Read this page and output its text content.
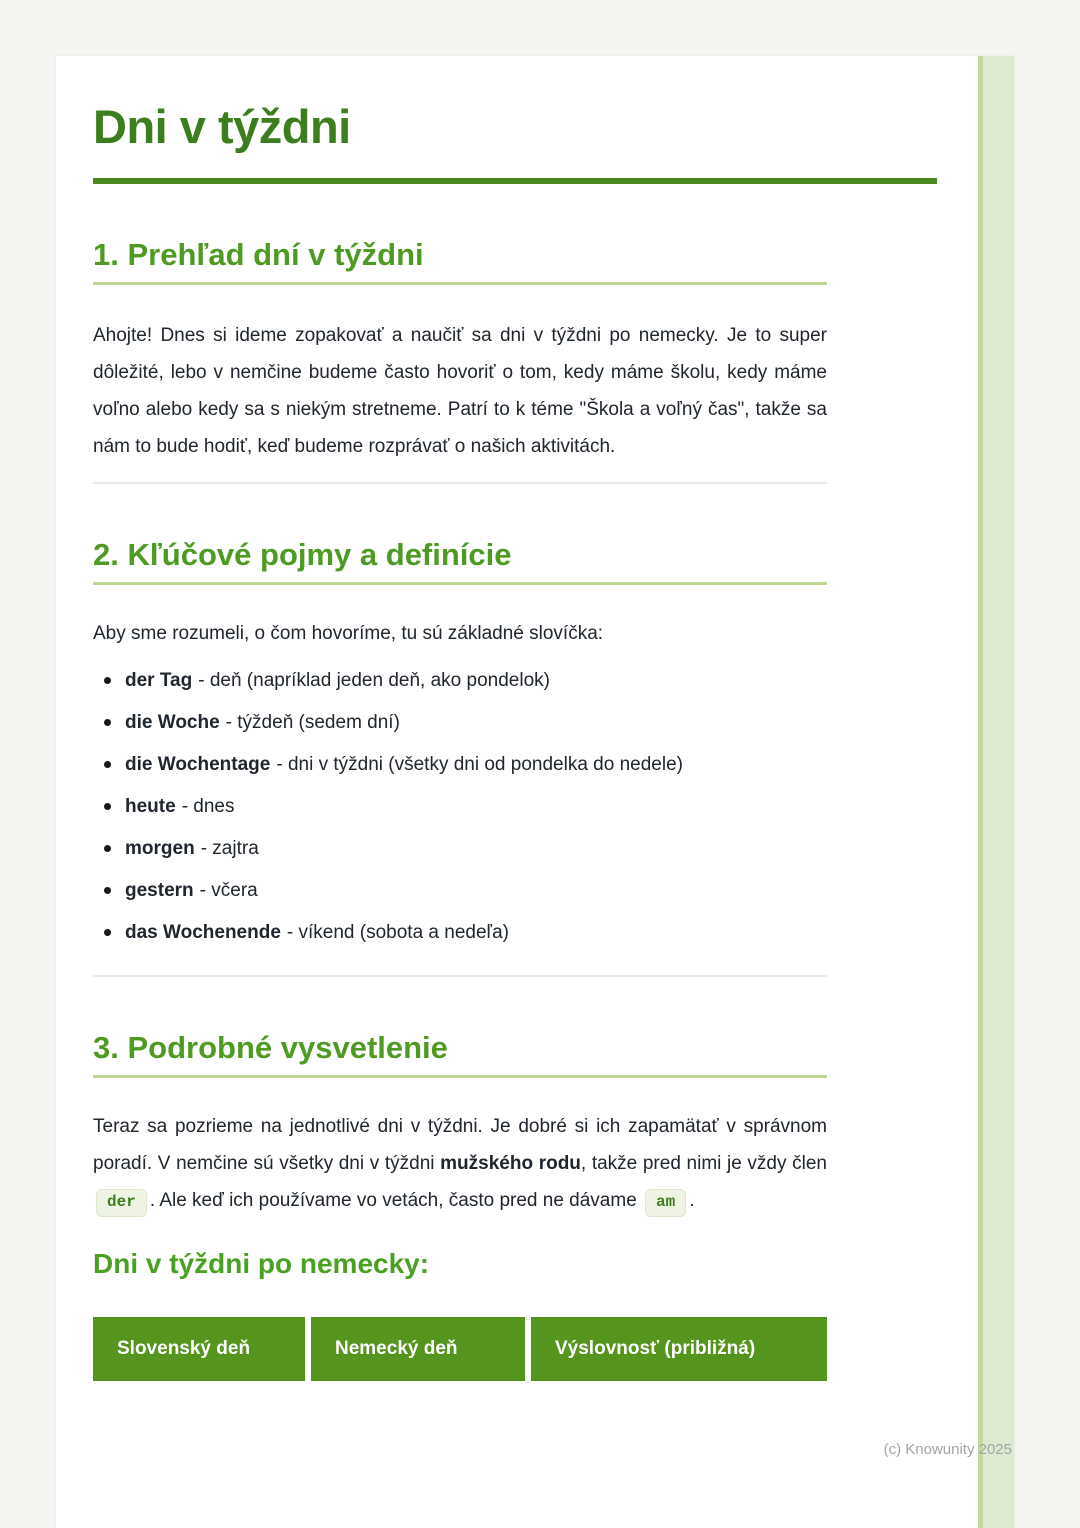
Dni v týždni
1. Prehľad dní v týždni

Ahojte! Dnes si ideme zopakovať a naučiť sa dni v týždni po nemecky. Je to super dôležité, lebo v nemčine budeme často hovoriť o tom, kedy máme školu, kedy máme voľno alebo kedy sa s niekým stretneme. Patrí to k téme "Škola a voľný čas", takže sa nám to bude hodiť, keď budeme rozprávať o našich aktivitách.

2. Kľúčové pojmy a definície

Aby sme rozumeli, o čom hovoríme, tu sú základné slovíčka:

der Tag - deň (napríklad jeden deň, ako pondelok)
die Woche - týždeň (sedem dní)
die Wochentage - dni v týždni (všetky dni od pondelka do nedele)
heute - dnes
morgen - zajtra
gestern - včera
das Wochenende - víkend (sobota a nedeľa)
3. Podrobné vysvetlenie

Teraz sa pozrieme na jednotlivé dni v týždni. Je dobré si ich zapamätať v správnom poradí. V nemčine sú všetky dni v týždni mužského rodu, takže pred nimi je vždy člen der . Ale keď ich používame vo vetách, často pred ne dávame am .

Dni v týždni po nemecky:
Slovenský deň	Nemecký deň	Výslovnosť (približná)
(c) Knowunity 2025
